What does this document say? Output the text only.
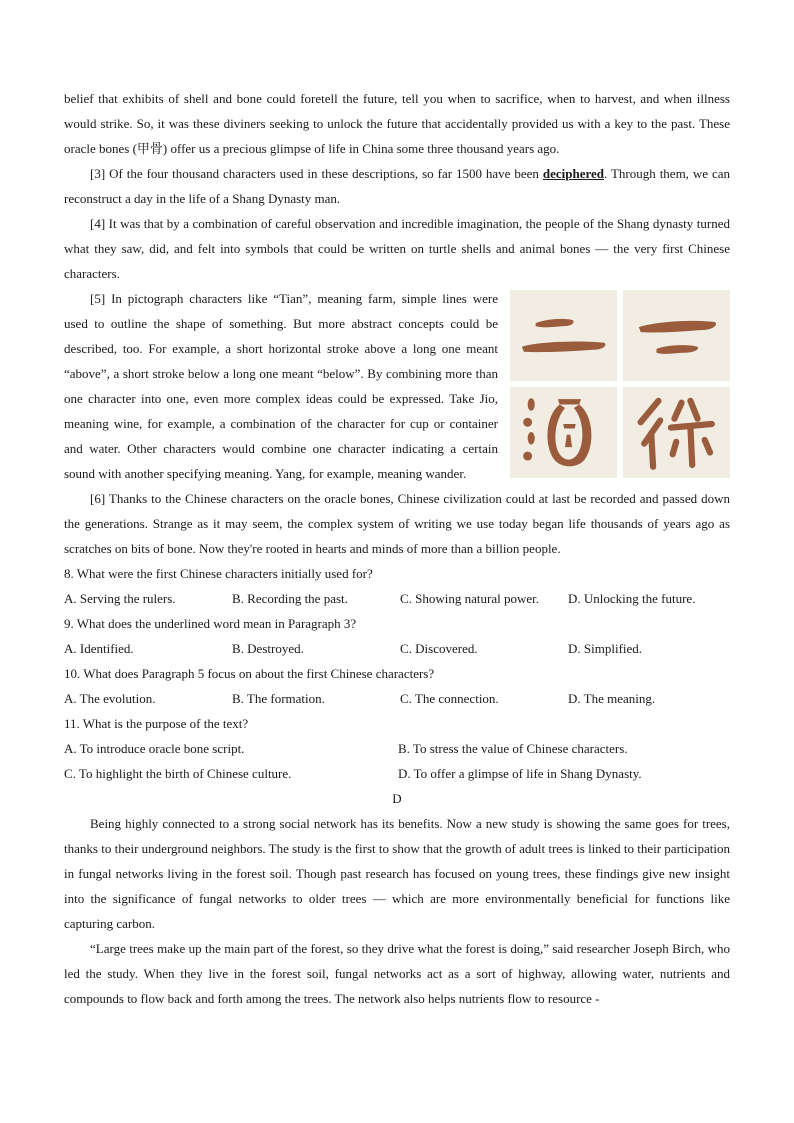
belief that exhibits of shell and bone could foretell the future, tell you when to sacrifice, when to harvest, and when illness would strike. So, it was these diviners seeking to unlock the future that accidentally provided us with a key to the past. These oracle bones (甲骨) offer us a precious glimpse of life in China some three thousand years ago.

[3] Of the four thousand characters used in these descriptions, so far 1500 have been deciphered. Through them, we can reconstruct a day in the life of a Shang Dynasty man.

[4] It was that by a combination of careful observation and incredible imagination, the people of the Shang dynasty turned what they saw, did, and felt into symbols that could be written on turtle shells and animal bones — the very first Chinese characters.

[5] In pictograph characters like “Tian”, meaning farm, simple lines were used to outline the shape of something. But more abstract concepts could be described, too. For example, a short horizontal stroke above a long one meant “above”, a short stroke below a long one meant “below”. By combining more than one character into one, even more complex ideas could be expressed. Take Jio, meaning wine, for example, a combination of the character for cup or container and water. Other characters would combine one character indicating a certain sound with another specifying meaning. Yang, for example, meaning wander.

[6] Thanks to the Chinese characters on the oracle bones, Chinese civilization could at last be recorded and passed down the generations. Strange as it may seem, the complex system of writing we use today began life thousands of years ago as scratches on bits of bone. Now they're rooted in hearts and minds of more than a billion people.

8. What were the first Chinese characters initially used for?

A. Serving the rulers.	B. Recording the past.	C. Showing natural power.	D. Unlocking the future.

9. What does the underlined word mean in Paragraph 3?

A. Identified.	B. Destroyed.	C. Discovered.	D. Simplified.

10. What does Paragraph 5 focus on about the first Chinese characters?

A. The evolution.	B. The formation.	C. The connection.	D. The meaning.

11. What is the purpose of the text?

A. To introduce oracle bone script.	B. To stress the value of Chinese characters.
C. To highlight the birth of Chinese culture.	D. To offer a glimpse of life in Shang Dynasty.

D

Being highly connected to a strong social network has its benefits. Now a new study is showing the same goes for trees, thanks to their underground neighbors. The study is the first to show that the growth of adult trees is linked to their participation in fungal networks living in the forest soil. Though past research has focused on young trees, these findings give new insight into the significance of fungal networks to older trees — which are more environmentally beneficial for functions like capturing carbon.

“Large trees make up the main part of the forest, so they drive what the forest is doing,” said researcher Joseph Birch, who led the study. When they live in the forest soil, fungal networks act as a sort of highway, allowing water, nutrients and compounds to flow back and forth among the trees. The network also helps nutrients flow to resource -
